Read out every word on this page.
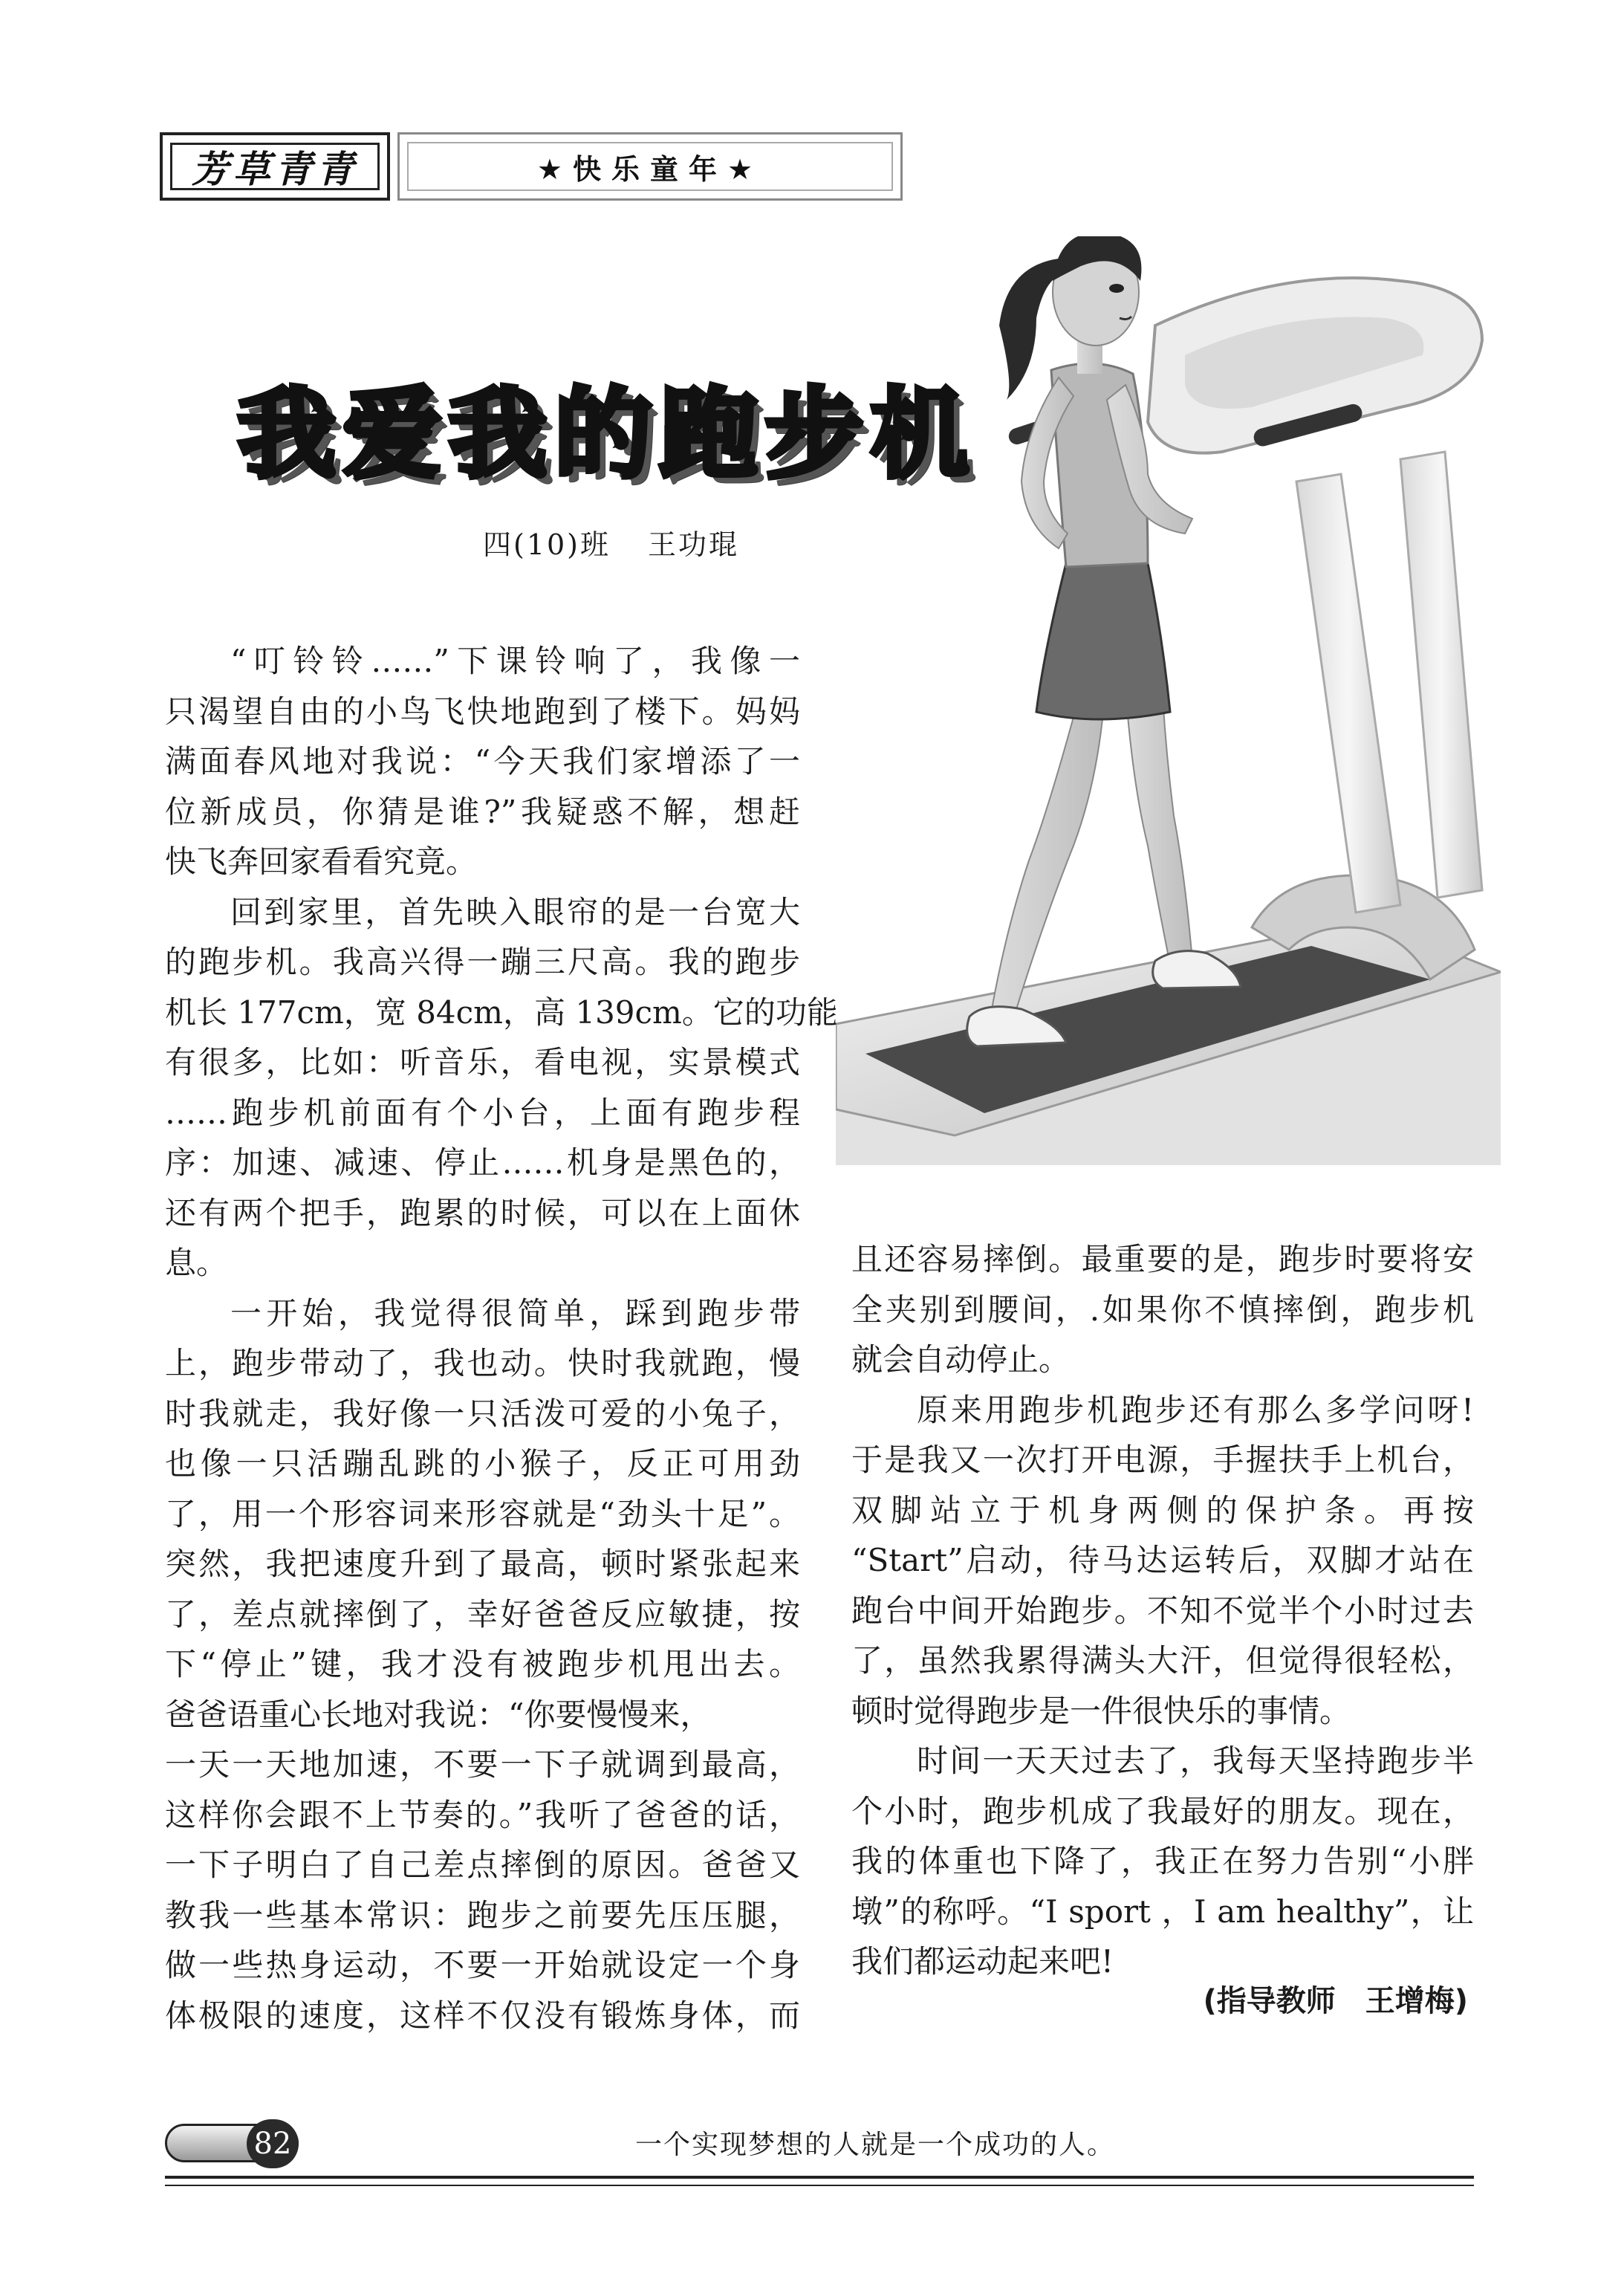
芳草青青	★快乐童年★
我爱我的跑步机
四(10)班 王功琨
“叮铃铃……”下课铃响了，我像一
只渴望自由的小鸟飞快地跑到了楼下。妈妈
满面春风地对我说：“今天我们家增添了一
位新成员，你猜是谁?”我疑惑不解，想赶
快飞奔回家看看究竟。
回到家里，首先映入眼帘的是一台宽大
的跑步机。我高兴得一蹦三尺高。我的跑步
机长 177cm，宽 84cm，高 139cm。它的功能
有很多，比如：听音乐，看电视，实景模式
……跑步机前面有个小台，上面有跑步程
序：加速、减速、停止……机身是黑色的，
还有两个把手，跑累的时候，可以在上面休
息。
一开始，我觉得很简单，踩到跑步带
上，跑步带动了，我也动。快时我就跑，慢
时我就走，我好像一只活泼可爱的小兔子，
也像一只活蹦乱跳的小猴子，反正可用劲
了，用一个形容词来形容就是“劲头十足”。
突然，我把速度升到了最高，顿时紧张起来
了，差点就摔倒了，幸好爸爸反应敏捷，按
下“停止”键，我才没有被跑步机甩出去。
爸爸语重心长地对我说：“你要慢慢来，
一天一天地加速，不要一下子就调到最高，
这样你会跟不上节奏的。”我听了爸爸的话，
一下子明白了自己差点摔倒的原因。爸爸又
教我一些基本常识：跑步之前要先压压腿，
做一些热身运动，不要一开始就设定一个身
体极限的速度，这样不仅没有锻炼身体，而
且还容易摔倒。最重要的是，跑步时要将安
全夹别到腰间，.如果你不慎摔倒，跑步机
就会自动停止。
原来用跑步机跑步还有那么多学问呀!
于是我又一次打开电源，手握扶手上机台，
双脚站立于机身两侧的保护条。再按
“Start”启动，待马达运转后，双脚才站在
跑台中间开始跑步。不知不觉半个小时过去
了，虽然我累得满头大汗，但觉得很轻松，
顿时觉得跑步是一件很快乐的事情。
时间一天天过去了，我每天坚持跑步半
个小时，跑步机成了我最好的朋友。现在，
我的体重也下降了，我正在努力告别“小胖
墩”的称呼。“I sport ，I am healthy”，让
我们都运动起来吧!
(指导教师 王增梅)
82	一个实现梦想的人就是一个成功的人。
